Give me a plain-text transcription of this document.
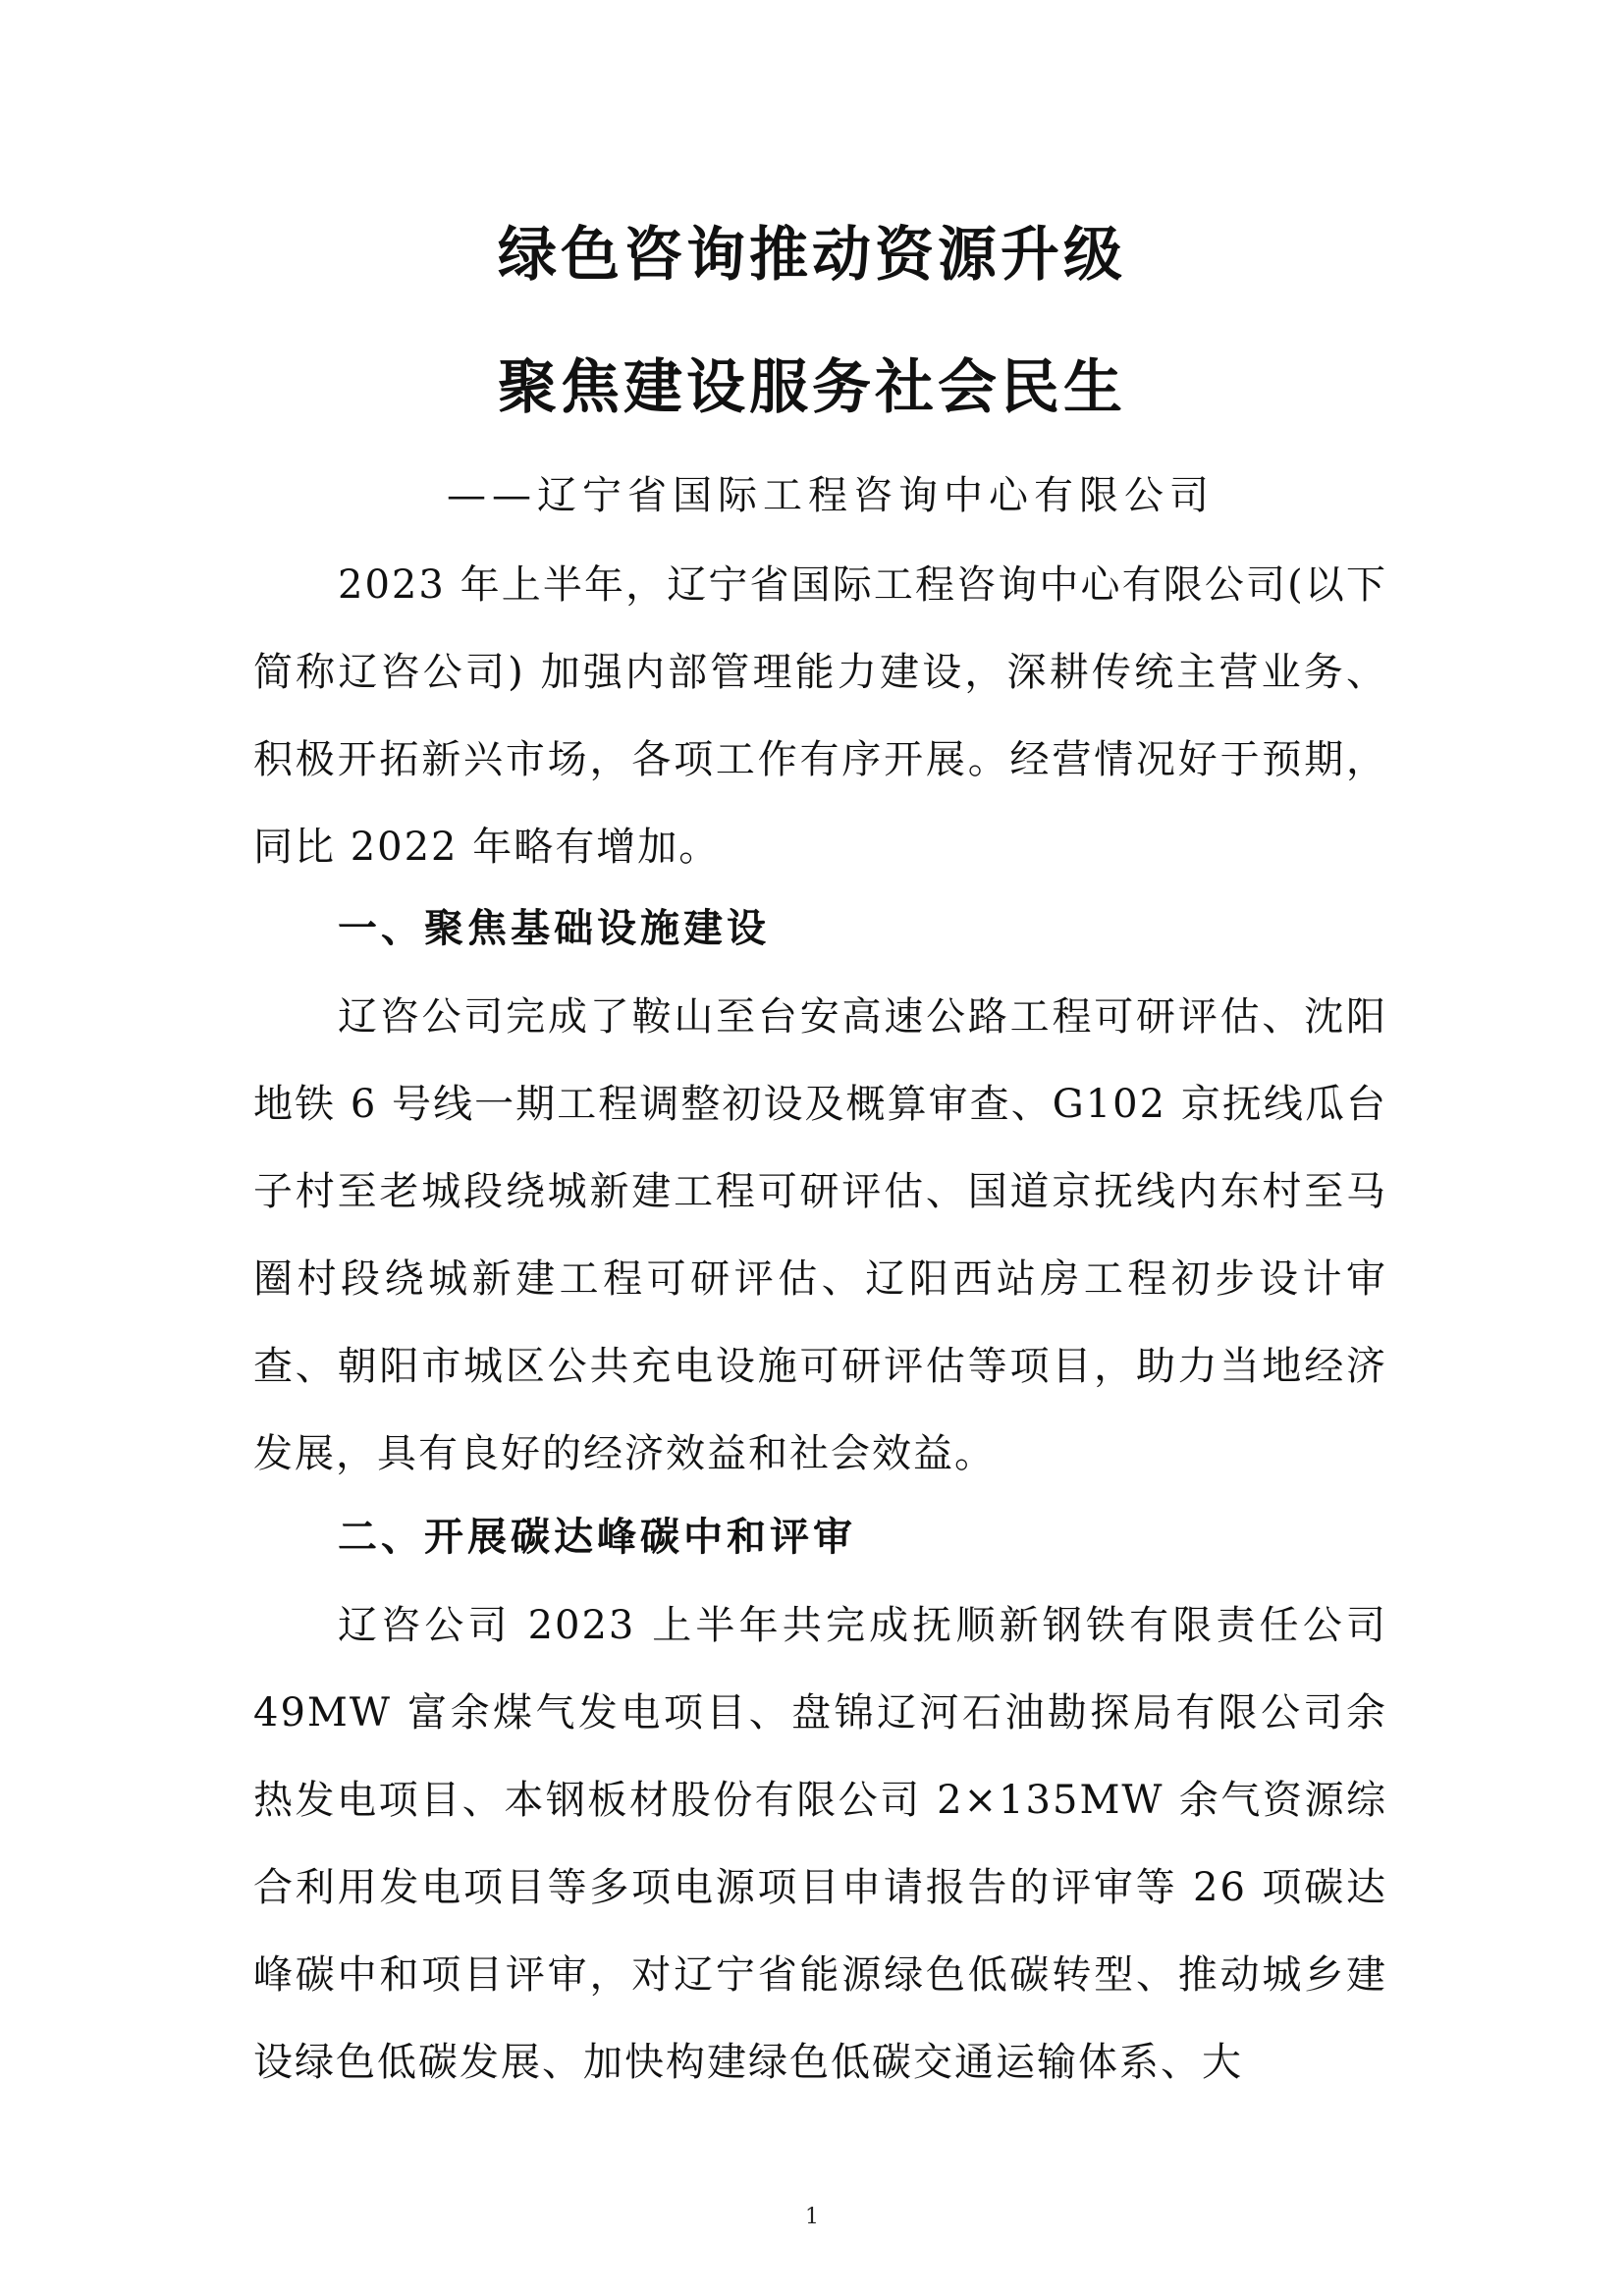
绿色咨询推动资源升级
聚焦建设服务社会民生
——辽宁省国际工程咨询中心有限公司
2023 年上半年，辽宁省国际工程咨询中心有限公司(以下简称辽咨公司) 加强内部管理能力建设，深耕传统主营业务、积极开拓新兴市场，各项工作有序开展。经营情况好于预期，同比 2022 年略有增加。
一、聚焦基础设施建设
辽咨公司完成了鞍山至台安高速公路工程可研评估、沈阳地铁 6 号线一期工程调整初设及概算审查、G102 京抚线瓜台子村至老城段绕城新建工程可研评估、国道京抚线内东村至马圈村段绕城新建工程可研评估、辽阳西站房工程初步设计审查、朝阳市城区公共充电设施可研评估等项目，助力当地经济发展，具有良好的经济效益和社会效益。
二、开展碳达峰碳中和评审
辽咨公司 2023 上半年共完成抚顺新钢铁有限责任公司 49MW 富余煤气发电项目、盘锦辽河石油勘探局有限公司余热发电项目、本钢板材股份有限公司 2×135MW 余气资源综合利用发电项目等多项电源项目申请报告的评审等 26 项碳达峰碳中和项目评审，对辽宁省能源绿色低碳转型、推动城乡建设绿色低碳发展、加快构建绿色低碳交通运输体系、大
1
